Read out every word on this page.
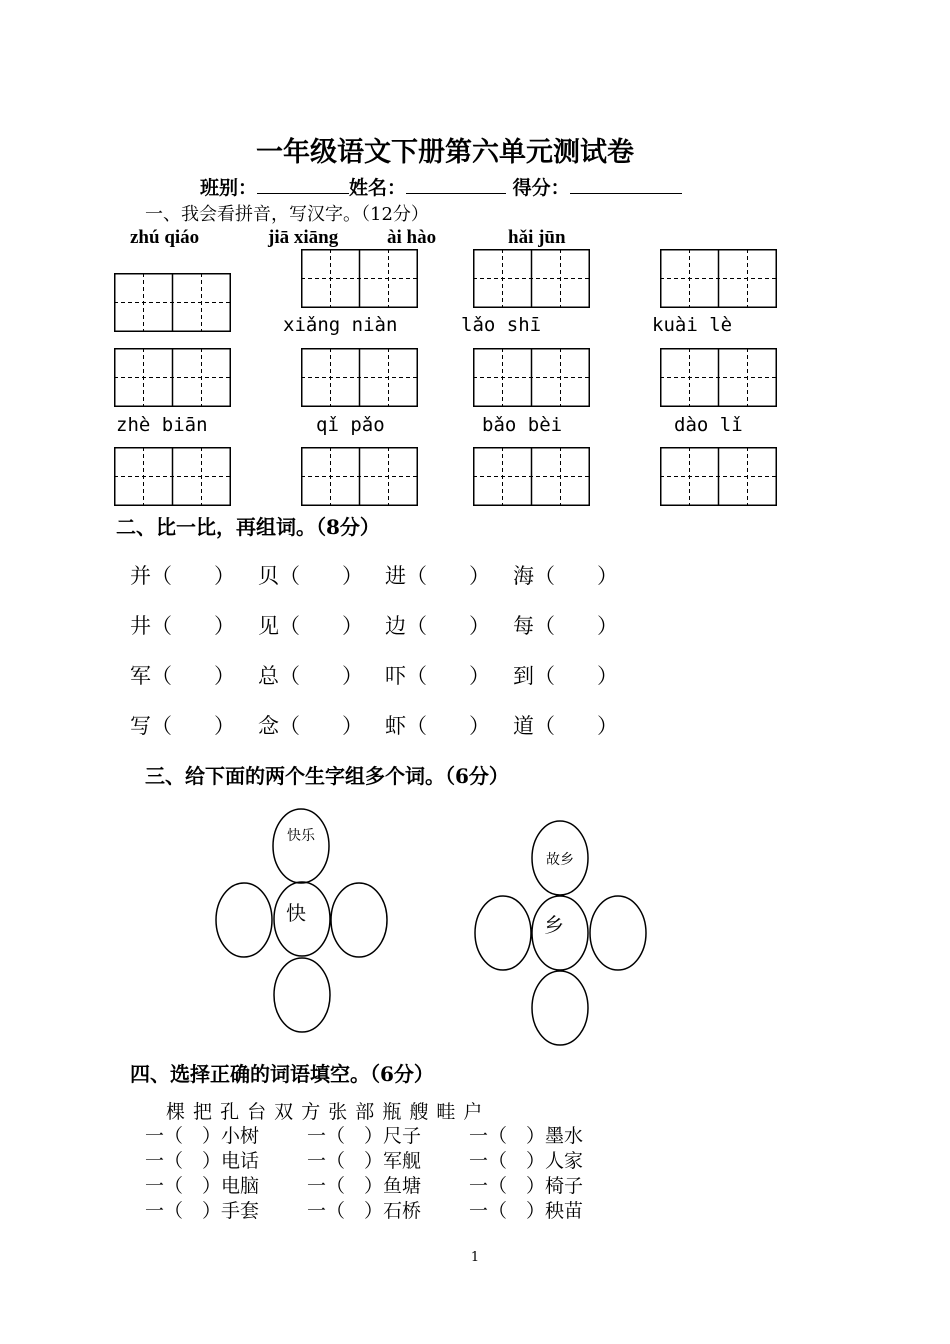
一年级语文下册第六单元测试卷
班别：	姓名：	得分：
一、我会看拼音，写汉字。（12分）
zhú qiáo	jiā xiāng	ài hào	hǎi jūn
xiǎng niàn	lǎo shī	kuài lè
zhè biān	qǐ pǎo	bǎo bèi	dào lǐ
二、比一比，再组词。（8分）
并（　　） 贝（　　） 进（　　） 海（　　）
井（　　） 见（　　） 边（　　） 每（　　）
军（　　） 总（　　） 吓（　　） 到（　　）
写（　　） 念（　　） 虾（　　） 道（　　）
三、给下面的两个生字组多个词。（6分）
快乐
快
故乡
乡
四、选择正确的词语填空。（6分）
棵 把 孔 台 双 方 张 部 瓶 艘 畦 户
一（　）小树	一（　）尺子	一（　）墨水
一（　）电话	一（　）军舰	一（　）人家
一（　）电脑	一（　）鱼塘	一（　）椅子
一（　）手套	一（　）石桥	一（　）秧苗
1
